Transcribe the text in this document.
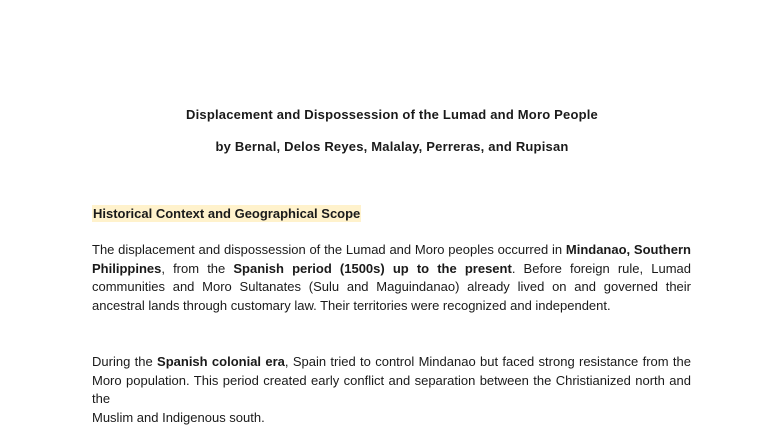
Displacement and Dispossession of the Lumad and Moro People
by Bernal, Delos Reyes, Malalay, Perreras, and Rupisan
Historical Context and Geographical Scope
The displacement and dispossession of the Lumad and Moro peoples occurred in Mindanao, Southern Philippines, from the Spanish period (1500s) up to the present. Before foreign rule, Lumad communities and Moro Sultanates (Sulu and Maguindanao) already lived on and governed their ancestral lands through customary law. Their territories were recognized and independent.
During the Spanish colonial era, Spain tried to control Mindanao but faced strong resistance from the Moro population. This period created early conflict and separation between the Christianized north and the
Muslim and Indigenous south.
